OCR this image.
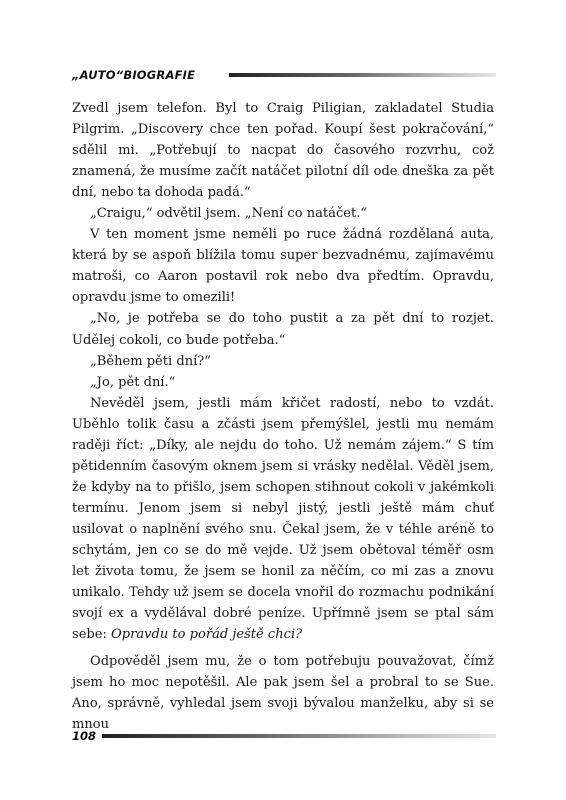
„AUTO“BIOGRAFIE

Zvedl jsem telefon. Byl to Craig Piligian, zakladatel Studia Pilgrim. „Discovery chce ten pořad. Koupí šest pokračování,“ sdělil mi. „Potřebují to nacpat do časového rozvrhu, což znamená, že musíme začít natáčet pilotní díl ode dneška za pět dní, nebo ta dohoda padá.“

„Craigu,“ odvětil jsem. „Není co natáčet.“

V ten moment jsme neměli po ruce žádná rozdělaná auta, která by se aspoň blížila tomu super bezvadnému, zajímavému matroši, co Aaron postavil rok nebo dva předtím. Opravdu, opravdu jsme to omezili!

„No, je potřeba se do toho pustit a za pět dní to rozjet. Udělej cokoli, co bude potřeba.“

„Během pěti dní?“

„Jo, pět dní.“

Nevěděl jsem, jestli mám křičet radostí, nebo to vzdát. Uběhlo tolik času a zčásti jsem přemýšlel, jestli mu nemám raději říct: „Díky, ale nejdu do toho. Už nemám zájem.“ S tím pětidenním časovým oknem jsem si vrásky nedělal. Věděl jsem, že kdyby na to přišlo, jsem schopen stihnout cokoli v jakémkoli termínu. Jenom jsem si nebyl jistý, jestli ještě mám chuť usilovat o naplnění svého snu. Čekal jsem, že v téhle aréně to schytám, jen co se do mě vejde. Už jsem obětoval téměř osm let života tomu, že jsem se honil za něčím, co mi zas a znovu unikalo. Tehdy už jsem se docela vnořil do rozmachu podnikání svojí ex a vydělával dobré peníze. Upřímně jsem se ptal sám sebe: Opravdu to pořád ještě chci?

Odpověděl jsem mu, že o tom potřebuju pouvažovat, čímž jsem ho moc nepotěšil. Ale pak jsem šel a probral to se Sue. Ano, správně, vyhledal jsem svoji bývalou manželku, aby si se mnou

108
